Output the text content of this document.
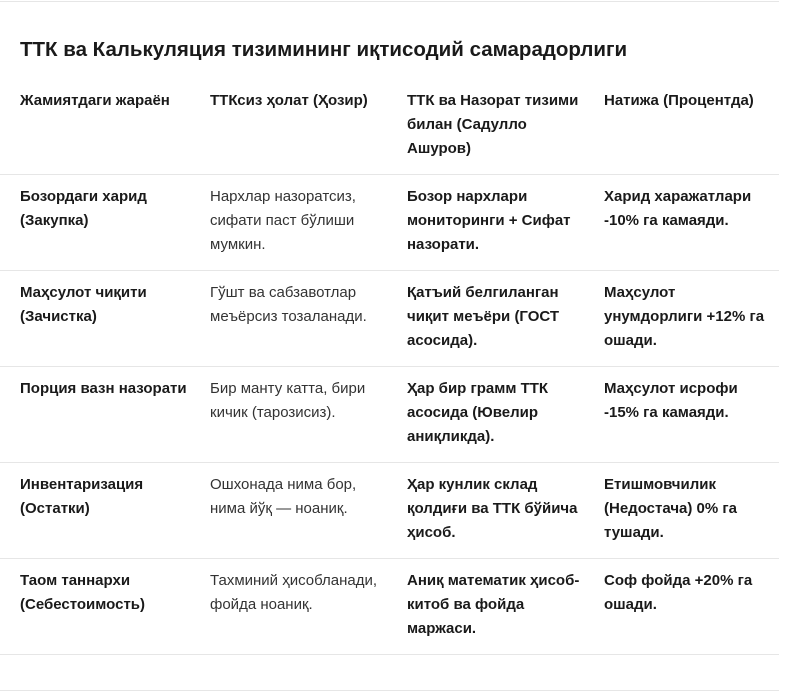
ТТК ва Калькуляция тизимининг иқтисодий самарадорлиги
Жамиятдаги жараён	ТТКсиз ҳолат (Ҳозир)	ТТК ва Назорат тизими билан (Садулло Ашуров)	Натижа (Процентда)
Бозордаги харид (Закупка)	Нархлар назоратсиз, сифати паст бўлиши мумкин.	Бозор нархлари мониторинги + Сифат назорати.	Харид харажатлари -10% га камаяди.
Маҳсулот чиқити (Зачистка)	Гўшт ва сабзавотлар меъёрсиз тозаланади.	Қатъий белгиланган чиқит меъёри (ГОСТ асосида).	Маҳсулот унумдорлиги +12% га ошади.
Порция вазн назорати	Бир манту катта, бири кичик (тарозисиз).	Ҳар бир грамм ТТК асосида (Ювелир аниқликда).	Маҳсулот исрофи -15% га камаяди.
Инвентаризация (Остатки)	Ошхонада нима бор, нима йўқ — ноаниқ.	Ҳар кунлик склад қолдиғи ва ТТК бўйича ҳисоб.	Етишмовчилик (Недостача) 0% га тушади.
Таом таннархи (Себестоимость)	Тахминий ҳисобланади, фойда ноаниқ.	Аниқ математик ҳисоб-китоб ва фойда маржаси.	Соф фойда +20% га ошади.
